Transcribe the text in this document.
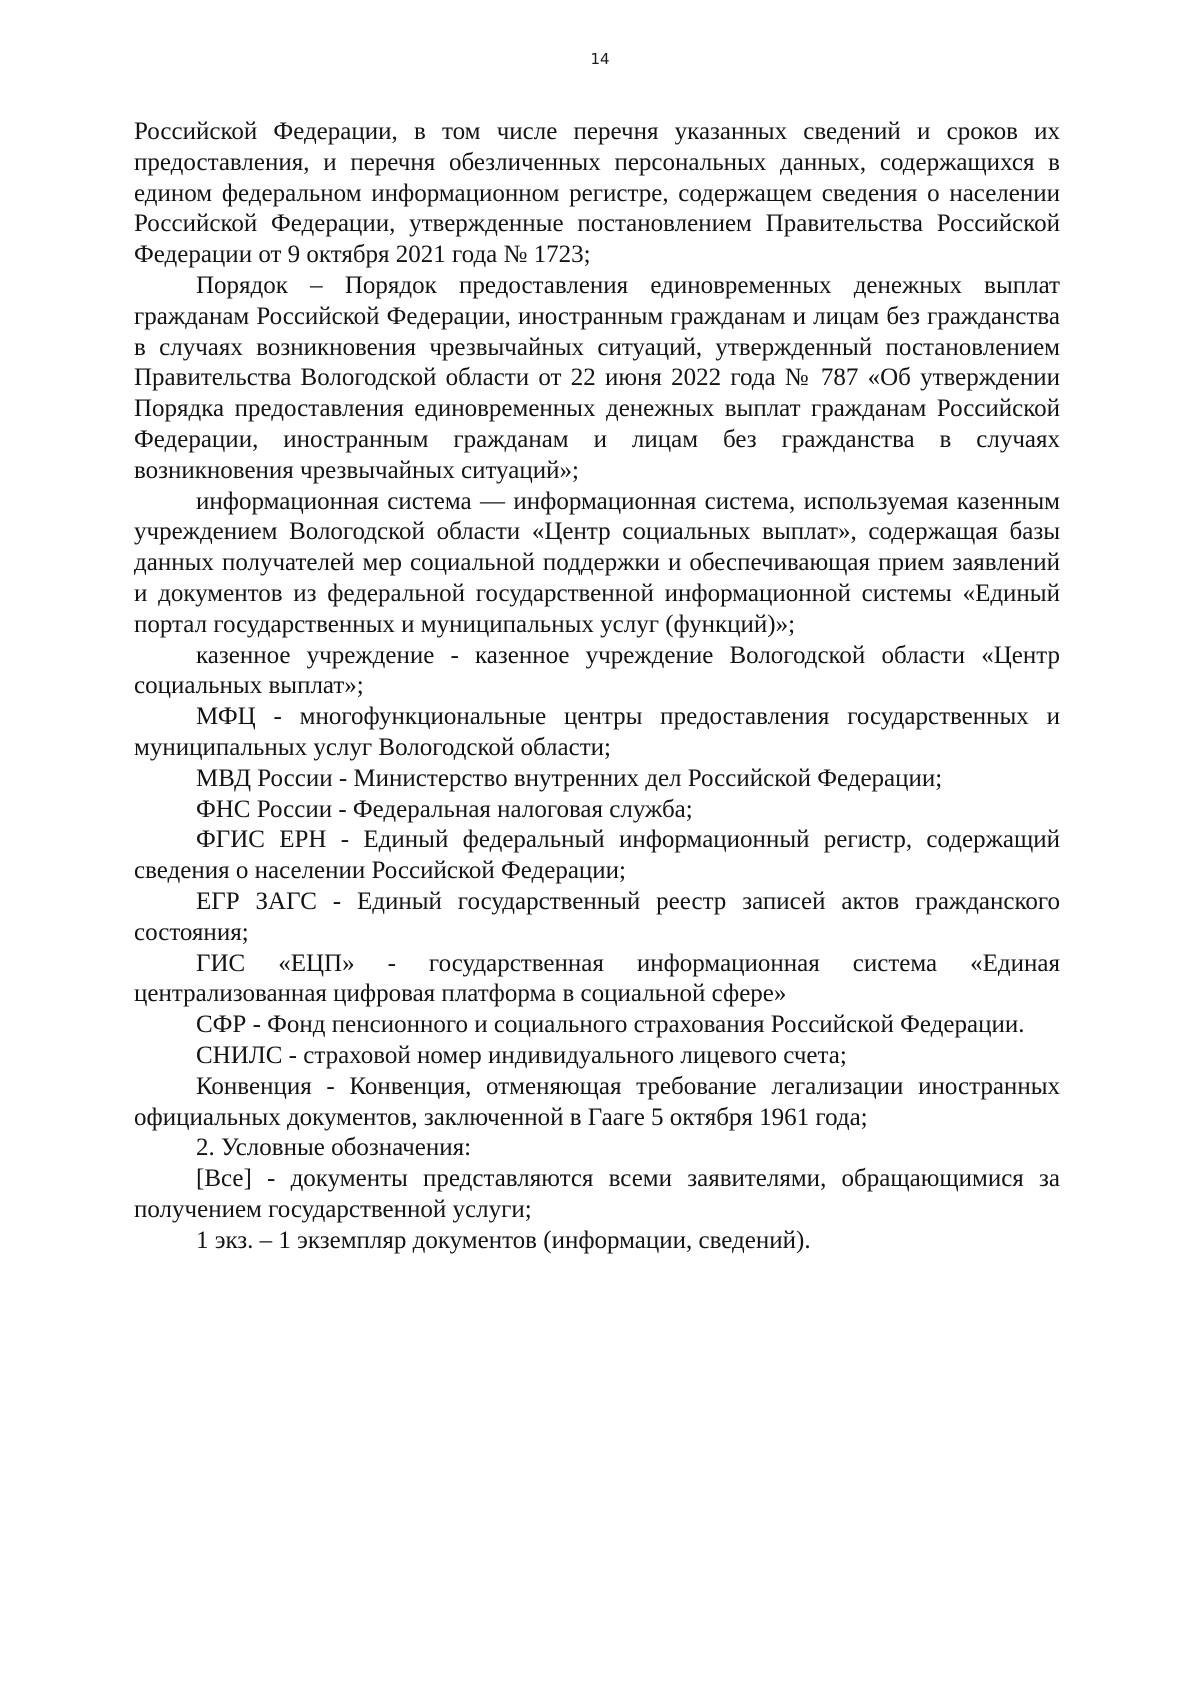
14

Российской Федерации, в том числе перечня указанных сведений и сроков их предоставления, и перечня обезличенных персональных данных, содержащихся в едином федеральном информационном регистре, содержащем сведения о населении Российской Федерации, утвержденные постановлением Правительства Российской Федерации от 9 октября 2021 года № 1723;

Порядок – Порядок предоставления единовременных денежных выплат гражданам Российской Федерации, иностранным гражданам и лицам без гражданства в случаях возникновения чрезвычайных ситуаций, утвержденный постановлением Правительства Вологодской области от 22 июня 2022 года № 787 «Об утверждении Порядка предоставления единовременных денежных выплат гражданам Российской Федерации, иностранным гражданам и лицам без гражданства в случаях возникновения чрезвычайных ситуаций»;

информационная система — информационная система, используемая казенным учреждением Вологодской области «Центр социальных выплат», содержащая базы данных получателей мер социальной поддержки и обеспечивающая прием заявлений и документов из федеральной государственной информационной системы «Единый портал государственных и муниципальных услуг (функций)»;

казенное учреждение - казенное учреждение Вологодской области «Центр социальных выплат»;

МФЦ - многофункциональные центры предоставления государственных и муниципальных услуг Вологодской области;

МВД России - Министерство внутренних дел Российской Федерации;

ФНС России - Федеральная налоговая служба;

ФГИС ЕРН - Единый федеральный информационный регистр, содержащий сведения о населении Российской Федерации;

ЕГР ЗАГС - Единый государственный реестр записей актов гражданского состояния;

ГИС «ЕЦП» - государственная информационная система «Единая централизованная цифровая платформа в социальной сфере»

СФР - Фонд пенсионного и социального страхования Российской Федерации.

СНИЛС - страховой номер индивидуального лицевого счета;

Конвенция - Конвенция, отменяющая требование легализации иностранных официальных документов, заключенной в Гааге 5 октября 1961 года;

2. Условные обозначения:

[Все] - документы представляются всеми заявителями, обращающимися за получением государственной услуги;

1 экз. – 1 экземпляр документов (информации, сведений).
